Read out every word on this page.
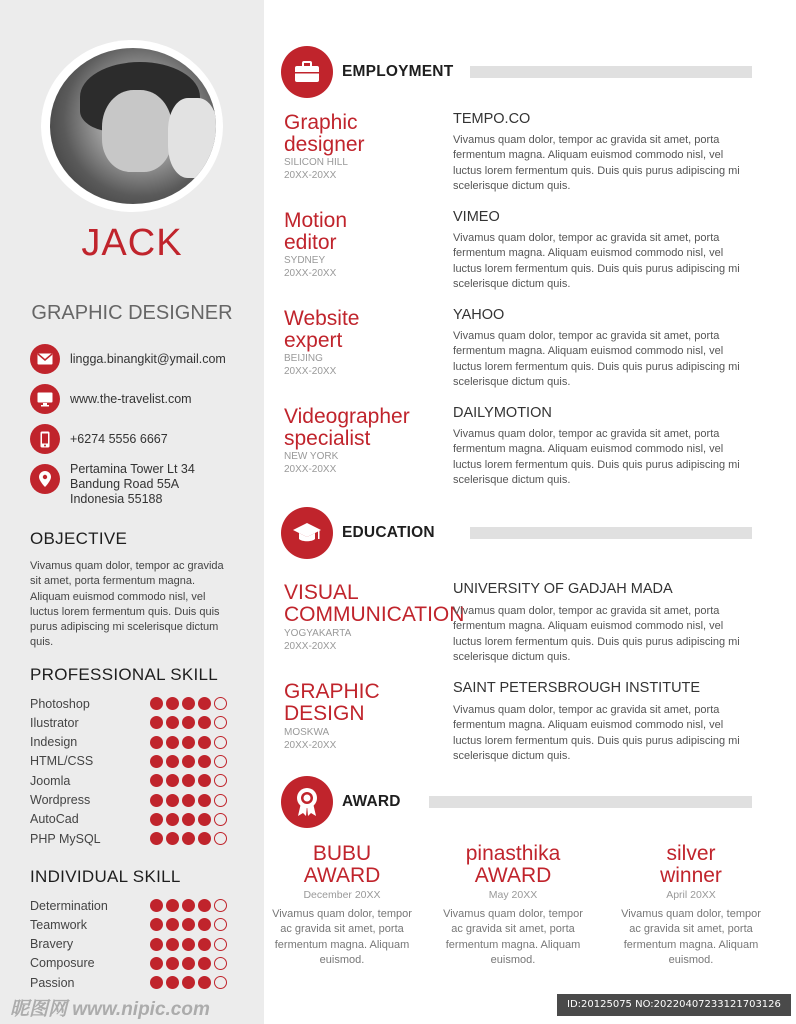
JACK
GRAPHIC DESIGNER
lingga.binangkit@ymail.com
www.the-travelist.com
+6274 5556 6667
Pertamina Tower Lt 34
Bandung Road 55A
Indonesia 55188
OBJECTIVE
Vivamus quam dolor, tempor ac gravida sit amet, porta fermentum magna. Aliquam euismod commodo nisl, vel luctus lorem fermentum quis. Duis quis purus adipiscing mi scelerisque dictum quis.
PROFESSIONAL SKILL
Photoshop
Ilustrator
Indesign
HTML/CSS
Joomla
Wordpress
AutoCad
PHP MySQL
INDIVIDUAL SKILL
Determination
Teamwork
Bravery
Composure
Passion
EMPLOYMENT
Graphic
designer
SILICON HILL
20XX-20XX
TEMPO.CO
Vivamus quam dolor, tempor ac gravida sit amet, porta fermentum magna. Aliquam euismod commodo nisl, vel luctus lorem fermentum quis. Duis quis purus adipiscing mi scelerisque dictum quis.
Motion
editor
SYDNEY
20XX-20XX
VIMEO
Vivamus quam dolor, tempor ac gravida sit amet, porta fermentum magna. Aliquam euismod commodo nisl, vel luctus lorem fermentum quis. Duis quis purus adipiscing mi scelerisque dictum quis.
Website
expert
BEIJING
20XX-20XX
YAHOO
Vivamus quam dolor, tempor ac gravida sit amet, porta fermentum magna. Aliquam euismod commodo nisl, vel luctus lorem fermentum quis. Duis quis purus adipiscing mi scelerisque dictum quis.
Videographer
specialist
NEW YORK
20XX-20XX
DAILYMOTION
Vivamus quam dolor, tempor ac gravida sit amet, porta fermentum magna. Aliquam euismod commodo nisl, vel luctus lorem fermentum quis. Duis quis purus adipiscing mi scelerisque dictum quis.
EDUCATION
VISUAL
COMMUNICATION
YOGYAKARTA
20XX-20XX
UNIVERSITY OF GADJAH MADA
Vivamus quam dolor, tempor ac gravida sit amet, porta fermentum magna. Aliquam euismod commodo nisl, vel luctus lorem fermentum quis. Duis quis purus adipiscing mi scelerisque dictum quis.
GRAPHIC
DESIGN
MOSKWA
20XX-20XX
SAINT PETERSBROUGH INSTITUTE
Vivamus quam dolor, tempor ac gravida sit amet, porta fermentum magna. Aliquam euismod commodo nisl, vel luctus lorem fermentum quis. Duis quis purus adipiscing mi scelerisque dictum quis.
AWARD
BUBU
AWARD
December 20XX
Vivamus quam dolor, tempor ac gravida sit amet, porta fermentum magna. Aliquam euismod.
pinasthika
AWARD
May 20XX
Vivamus quam dolor, tempor ac gravida sit amet, porta fermentum magna. Aliquam euismod.
silver
winner
April 20XX
Vivamus quam dolor, tempor ac gravida sit amet, porta fermentum magna. Aliquam euismod.
昵图网 www.nipic.com	ID:20125075 NO:20220407233121703126
